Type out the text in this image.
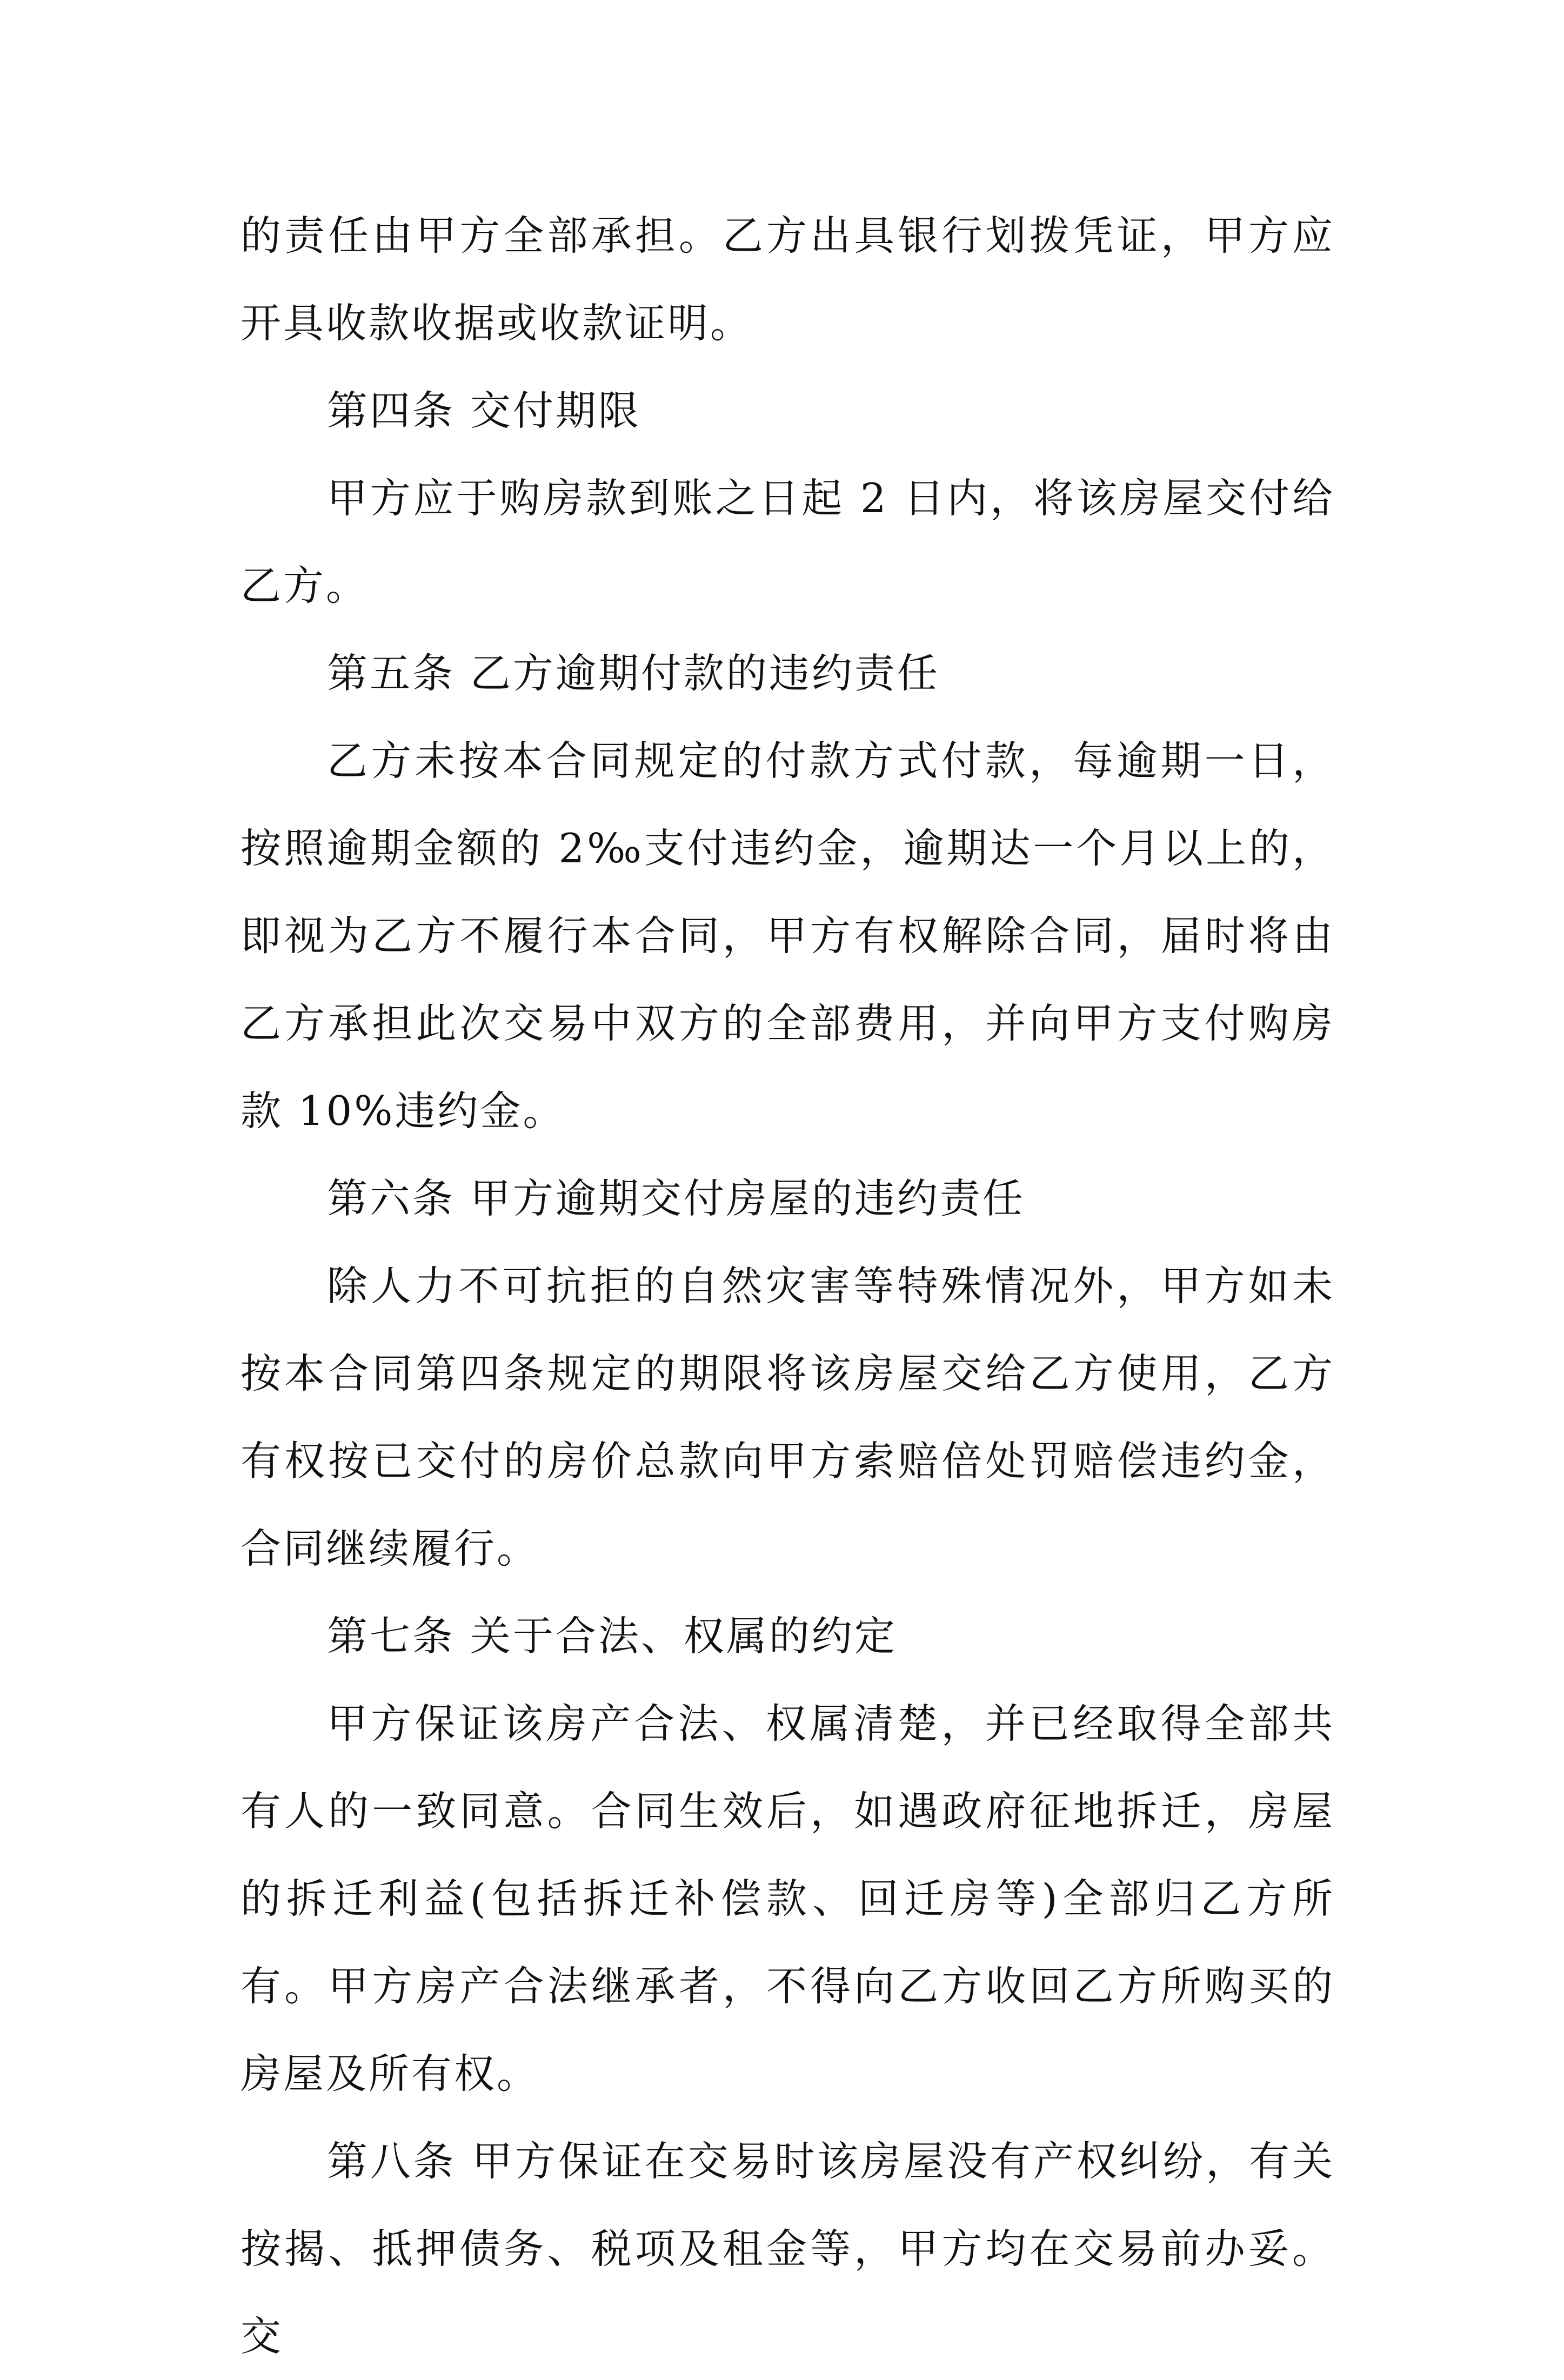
的责任由甲方全部承担。乙方出具银行划拨凭证，甲方应开具收款收据或收款证明。

第四条 交付期限

甲方应于购房款到账之日起 2 日内，将该房屋交付给乙方。

第五条 乙方逾期付款的违约责任

乙方未按本合同规定的付款方式付款，每逾期一日，按照逾期金额的 2‰支付违约金，逾期达一个月以上的，即视为乙方不履行本合同，甲方有权解除合同，届时将由乙方承担此次交易中双方的全部费用，并向甲方支付购房款 10%违约金。

第六条 甲方逾期交付房屋的违约责任

除人力不可抗拒的自然灾害等特殊情况外，甲方如未按本合同第四条规定的期限将该房屋交给乙方使用，乙方有权按已交付的房价总款向甲方索赔倍处罚赔偿违约金，合同继续履行。

第七条 关于合法、权属的约定

甲方保证该房产合法、权属清楚，并已经取得全部共有人的一致同意。合同生效后，如遇政府征地拆迁，房屋的拆迁利益(包括拆迁补偿款、回迁房等)全部归乙方所有。甲方房产合法继承者，不得向乙方收回乙方所购买的房屋及所有权。

第八条 甲方保证在交易时该房屋没有产权纠纷，有关按揭、抵押债务、税项及租金等，甲方均在交易前办妥。交
